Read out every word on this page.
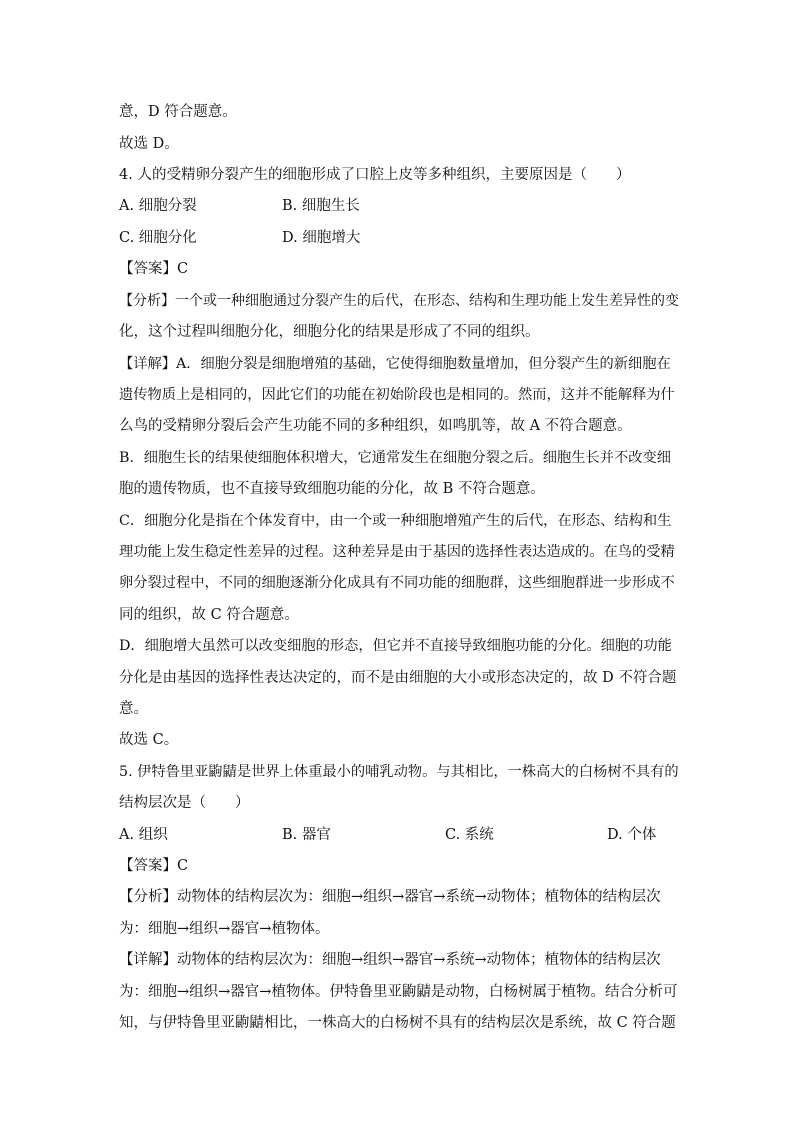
意，D 符合题意。

故选 D。

4. 人的受精卵分裂产生的细胞形成了口腔上皮等多种组织，主要原因是（　　）

A. 细胞分裂	B. 细胞生长

C. 细胞分化	D. 细胞增大

【答案】C

【分析】一个或一种细胞通过分裂产生的后代，在形态、结构和生理功能上发生差异性的变

化，这个过程叫细胞分化，细胞分化的结果是形成了不同的组织。

【详解】A．细胞分裂是细胞增殖的基础，它使得细胞数量增加，但分裂产生的新细胞在

遗传物质上是相同的，因此它们的功能在初始阶段也是相同的。然而，这并不能解释为什

么鸟的受精卵分裂后会产生功能不同的多种组织，如鸣肌等，故 A 不符合题意。

B．细胞生长的结果使细胞体积增大，它通常发生在细胞分裂之后。细胞生长并不改变细

胞的遗传物质，也不直接导致细胞功能的分化，故 B 不符合题意。

C．细胞分化是指在个体发育中，由一个或一种细胞增殖产生的后代，在形态、结构和生

理功能上发生稳定性差异的过程。这种差异是由于基因的选择性表达造成的。在鸟的受精

卵分裂过程中，不同的细胞逐渐分化成具有不同功能的细胞群，这些细胞群进一步形成不

同的组织，故 C 符合题意。

D．细胞增大虽然可以改变细胞的形态，但它并不直接导致细胞功能的分化。细胞的功能

分化是由基因的选择性表达决定的，而不是由细胞的大小或形态决定的，故 D 不符合题

意。

故选 C。

5. 伊特鲁里亚鼩鼱是世界上体重最小的哺乳动物。与其相比，一株高大的白杨树不具有的

结构层次是（　　）

A. 组织	B. 器官	C. 系统	D. 个体

【答案】C

【分析】动物体的结构层次为：细胞→组织→器官→系统→动物体；植物体的结构层次

为：细胞→组织→器官→植物体。

【详解】动物体的结构层次为：细胞→组织→器官→系统→动物体；植物体的结构层次

为：细胞→组织→器官→植物体。伊特鲁里亚鼩鼱是动物，白杨树属于植物。结合分析可

知，与伊特鲁里亚鼩鼱相比，一株高大的白杨树不具有的结构层次是系统，故 C 符合题
